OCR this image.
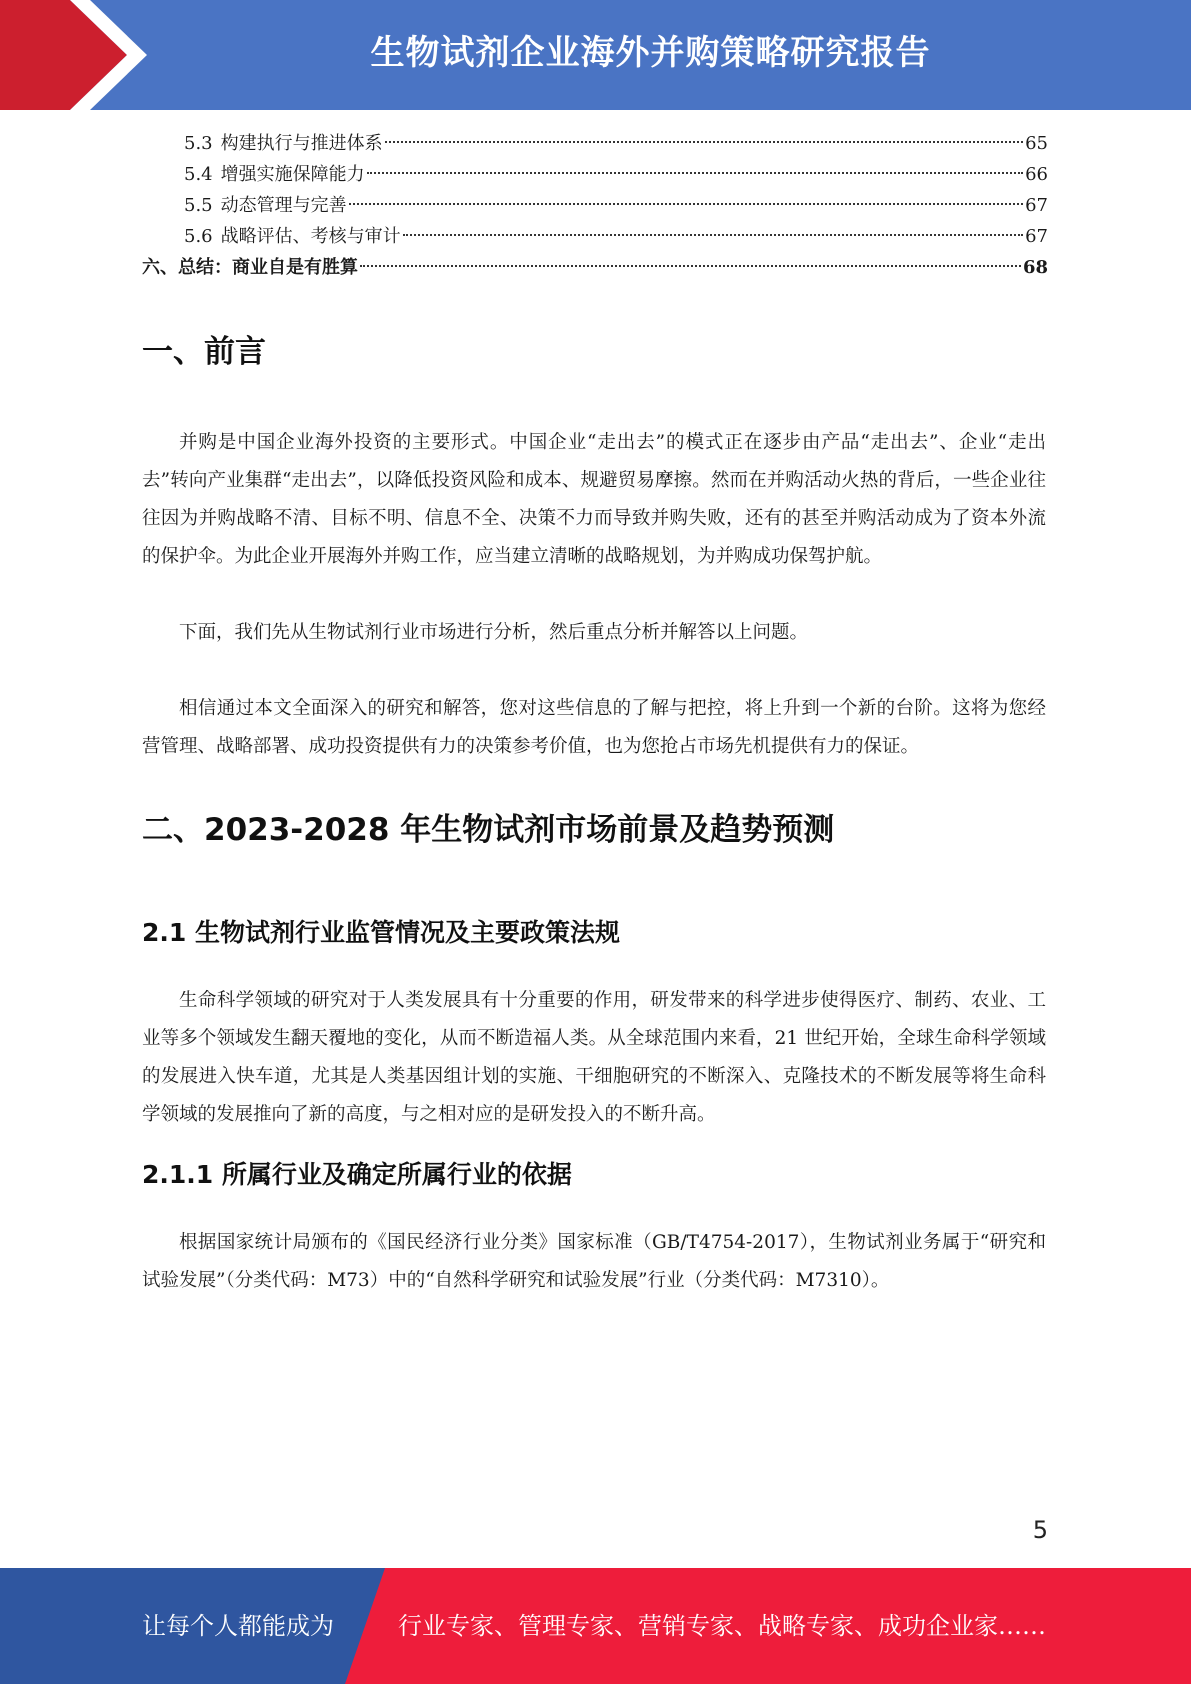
生物试剂企业海外并购策略研究报告
5.3 构建执行与推进体系	65
5.4 增强实施保障能力	66
5.5 动态管理与完善	67
5.6 战略评估、考核与审计	67
六、总结：商业自是有胜算	68
一、前言

并购是中国企业海外投资的主要形式。中国企业“走出去”的模式正在逐步由产品“走出去”、企业“走出去”转向产业集群“走出去”，以降低投资风险和成本、规避贸易摩擦。然而在并购活动火热的背后，一些企业往往因为并购战略不清、目标不明、信息不全、决策不力而导致并购失败，还有的甚至并购活动成为了资本外流的保护伞。为此企业开展海外并购工作，应当建立清晰的战略规划，为并购成功保驾护航。

下面，我们先从生物试剂行业市场进行分析，然后重点分析并解答以上问题。

相信通过本文全面深入的研究和解答，您对这些信息的了解与把控，将上升到一个新的台阶。这将为您经营管理、战略部署、成功投资提供有力的决策参考价值，也为您抢占市场先机提供有力的保证。

二、2023-2028 年生物试剂市场前景及趋势预测
2.1 生物试剂行业监管情况及主要政策法规

生命科学领域的研究对于人类发展具有十分重要的作用，研发带来的科学进步使得医疗、制药、农业、工业等多个领域发生翻天覆地的变化，从而不断造福人类。从全球范围内来看，21 世纪开始，全球生命科学领域的发展进入快车道，尤其是人类基因组计划的实施、干细胞研究的不断深入、克隆技术的不断发展等将生命科学领域的发展推向了新的高度，与之相对应的是研发投入的不断升高。

2.1.1 所属行业及确定所属行业的依据

根据国家统计局颁布的《国民经济行业分类》国家标准（GB/T4754-2017），生物试剂业务属于“研究和试验发展”（分类代码：M73）中的“自然科学研究和试验发展”行业（分类代码：M7310）。

5
让每个人都能成为	行业专家、管理专家、营销专家、战略专家、成功企业家……
